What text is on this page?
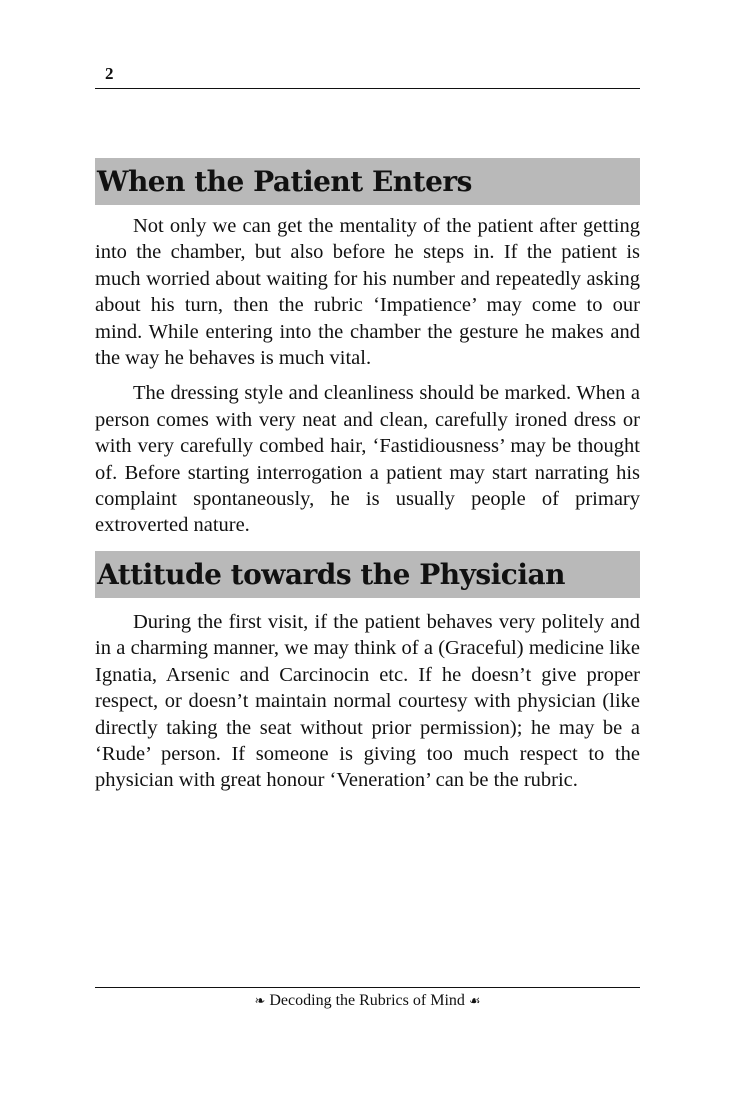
2
When the Patient Enters

Not only we can get the mentality of the patient after getting into the chamber, but also before he steps in. If the patient is much worried about waiting for his number and repeatedly asking about his turn, then the rubric ‘Impatience’ may come to our mind. While entering into the chamber the gesture he makes and the way he behaves is much vital.

The dressing style and cleanliness should be marked. When a person comes with very neat and clean, carefully ironed dress or with very carefully combed hair, ‘Fastidiousness’ may be thought of. Before starting interrogation a patient may start narrating his complaint spontaneously, he is usually people of primary extroverted nature.

Attitude towards the Physician

During the first visit, if the patient behaves very politely and in a charming manner, we may think of a (Graceful) medicine like Ignatia, Arsenic and Carcinocin etc. If he doesn’t give proper respect, or doesn’t maintain normal courtesy with physician (like directly taking the seat without prior permission); he may be a ‘Rude’ person. If someone is giving too much respect to the physician with great honour ‘Veneration’ can be the rubric.

❧ Decoding the Rubrics of Mind ☙
